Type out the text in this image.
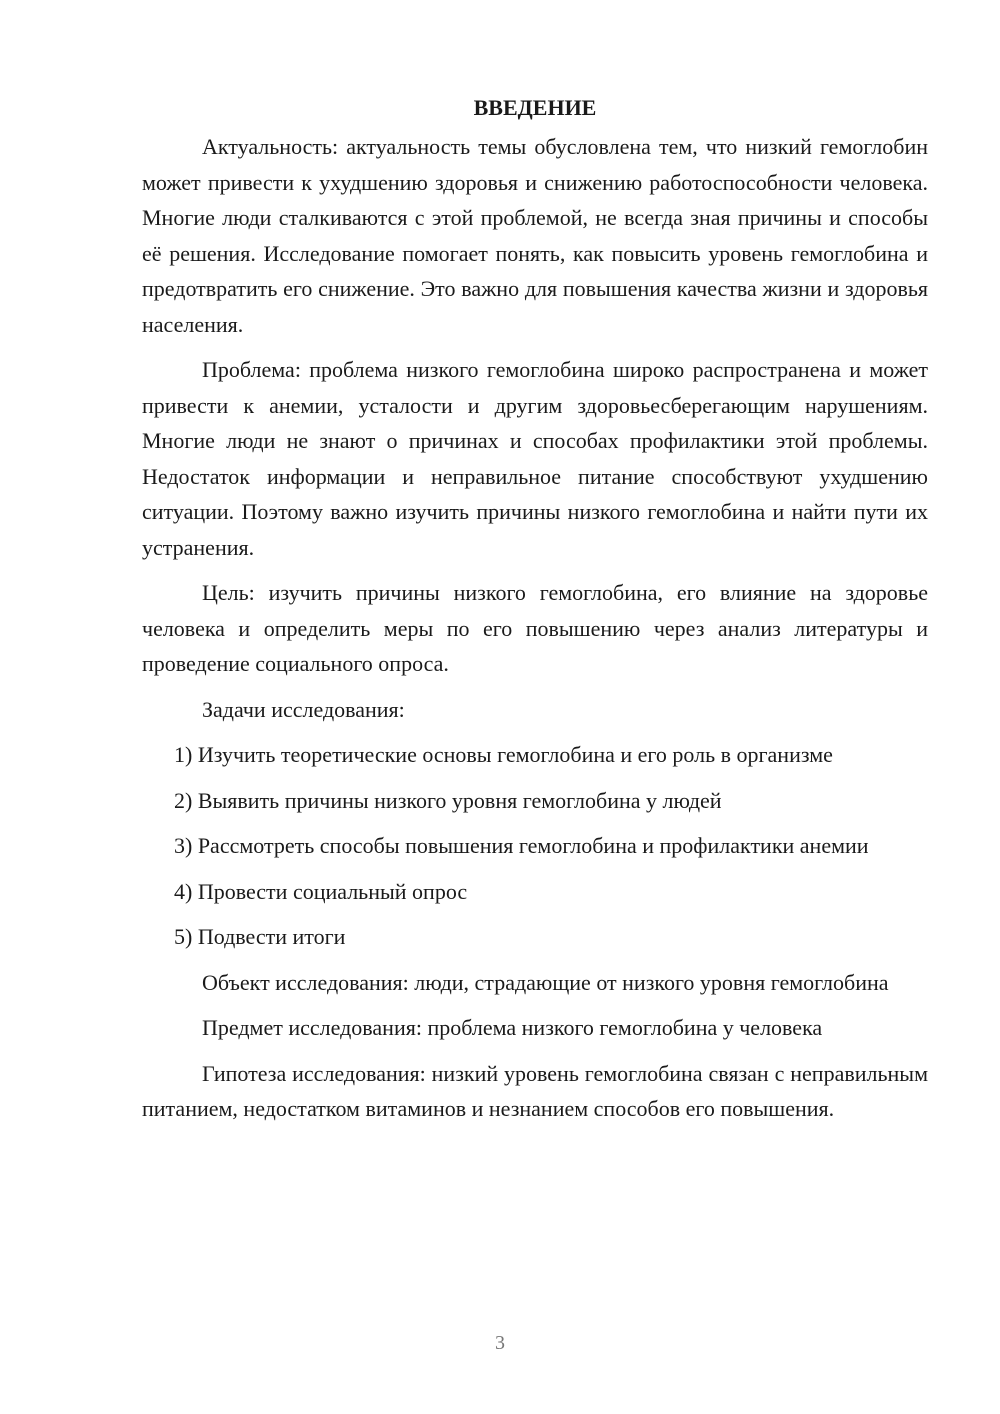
ВВЕДЕНИЕ

Актуальность: актуальность темы обусловлена тем, что низкий гемоглобин может привести к ухудшению здоровья и снижению работоспособности человека. Многие люди сталкиваются с этой проблемой, не всегда зная причины и способы её решения. Исследование помогает понять, как повысить уровень гемоглобина и предотвратить его снижение. Это важно для повышения качества жизни и здоровья населения.

Проблема: проблема низкого гемоглобина широко распространена и может привести к анемии, усталости и другим здоровьесберегающим нарушениям. Многие люди не знают о причинах и способах профилактики этой проблемы. Недостаток информации и неправильное питание способствуют ухудшению ситуации. Поэтому важно изучить причины низкого гемоглобина и найти пути их устранения.

Цель: изучить причины низкого гемоглобина, его влияние на здоровье человека и определить меры по его повышению через анализ литературы и проведение социального опроса.

Задачи исследования:

1) Изучить теоретические основы гемоглобина и его роль в организме

2) Выявить причины низкого уровня гемоглобина у людей

3) Рассмотреть способы повышения гемоглобина и профилактики анемии

4) Провести социальный опрос

5) Подвести итоги

Объект исследования: люди, страдающие от низкого уровня гемоглобина

Предмет исследования: проблема низкого гемоглобина у человека

Гипотеза исследования: низкий уровень гемоглобина связан с неправильным питанием, недостатком витаминов и незнанием способов его повышения.

3
